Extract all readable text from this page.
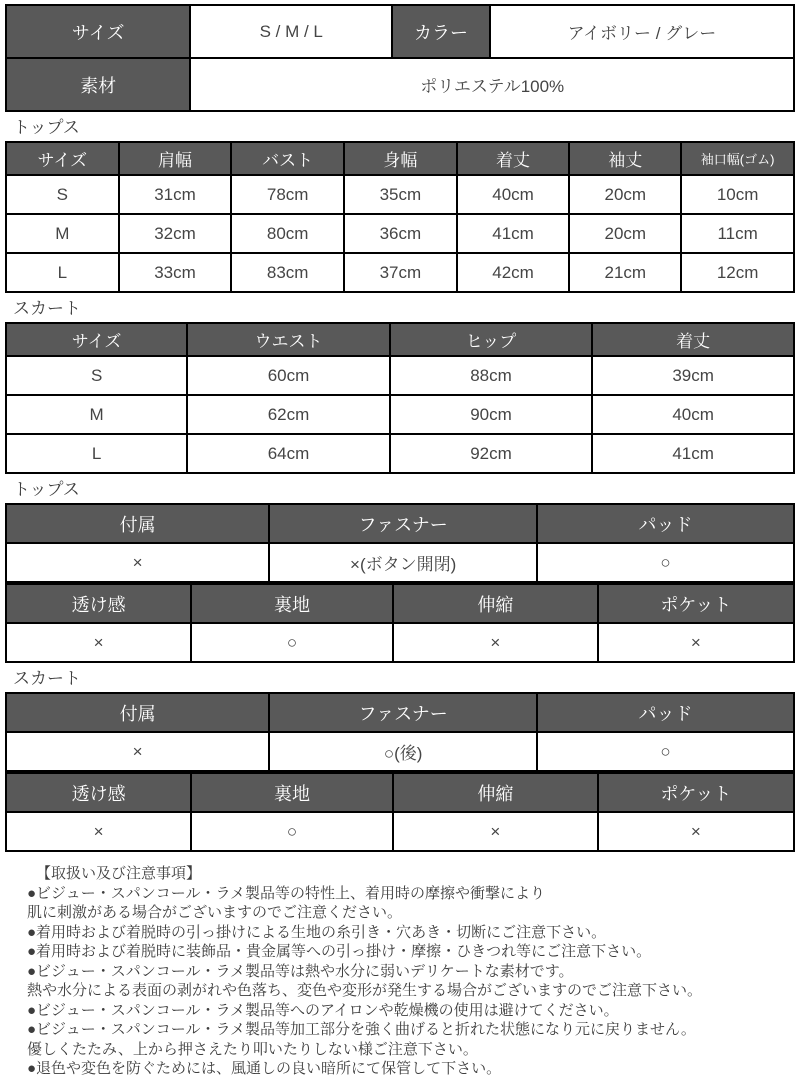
サイズ	S / M / L	カラー	アイボリー / グレー
素材	ポリエステル100%		
トップス
サイズ	肩幅	バスト	身幅	着丈	袖丈	袖口幅(ゴム)
S	31cm	78cm	35cm	40cm	20cm	10cm
M	32cm	80cm	36cm	41cm	20cm	11cm
L	33cm	83cm	37cm	42cm	21cm	12cm
スカート
サイズ	ウエスト	ヒップ	着丈
S	60cm	88cm	39cm
M	62cm	90cm	40cm
L	64cm	92cm	41cm
トップス
付属	ファスナー	パッド
×	×(ボタン開閉)	○
透け感	裏地	伸縮	ポケット
×	○	×	×
スカート
付属	ファスナー	パッド
×	○(後)	○
透け感	裏地	伸縮	ポケット
×	○	×	×
【取扱い及び注意事項】
●ビジュー・スパンコール・ラメ製品等の特性上、着用時の摩擦や衝撃により
肌に刺激がある場合がございますのでご注意ください。
●着用時および着脱時の引っ掛けによる生地の糸引き・穴あき・切断にご注意下さい。
●着用時および着脱時に装飾品・貴金属等への引っ掛け・摩擦・ひきつれ等にご注意下さい。
●ビジュー・スパンコール・ラメ製品等は熱や水分に弱いデリケートな素材です。
熱や水分による表面の剥がれや色落ち、変色や変形が発生する場合がございますのでご注意下さい。
●ビジュー・スパンコール・ラメ製品等へのアイロンや乾燥機の使用は避けてください。
●ビジュー・スパンコール・ラメ製品等加工部分を強く曲げると折れた状態になり元に戻りません。
優しくたたみ、上から押さえたり叩いたりしない様ご注意下さい。
●退色や変色を防ぐためには、風通しの良い暗所にて保管して下さい。
